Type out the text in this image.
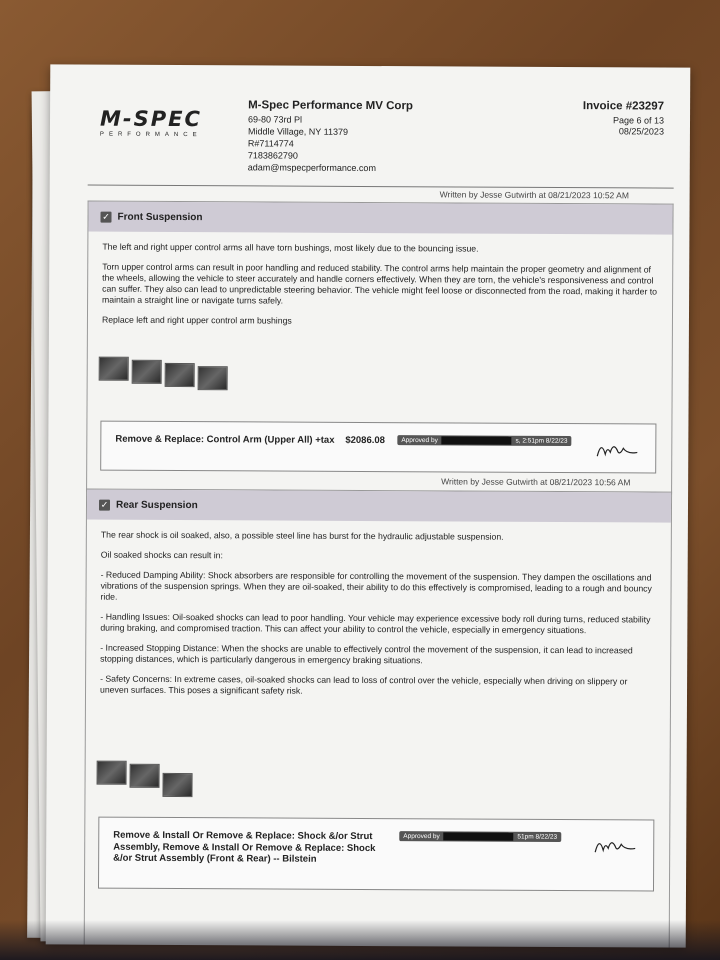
M-SPEC
PERFORMANCE
M-Spec Performance MV Corp
69-80 73rd Pl
Middle Village, NY 11379
R#7114774
7183862790
adam@mspecperformance.com
Invoice #23297
Page 6 of 13
08/25/2023
Written by Jesse Gutwirth at 08/21/2023 10:52 AM
✓ Front Suspension

The left and right upper control arms all have torn bushings, most likely due to the bouncing issue.

Torn upper control arms can result in poor handling and reduced stability. The control arms help maintain the proper geometry and alignment of the wheels, allowing the vehicle to steer accurately and handle corners effectively. When they are torn, the vehicle's responsiveness and control can suffer. They also can lead to unpredictable steering behavior. The vehicle might feel loose or disconnected from the road, making it harder to maintain a straight line or navigate turns safely.

Replace left and right upper control arm bushings

Remove & Replace: Control Arm (Upper All) +tax $2086.08	Approved by	s, 2:51pm 8/22/23
Written by Jesse Gutwirth at 08/21/2023 10:56 AM
✓ Rear Suspension

The rear shock is oil soaked, also, a possible steel line has burst for the hydraulic adjustable suspension.

Oil soaked shocks can result in:

- Reduced Damping Ability: Shock absorbers are responsible for controlling the movement of the suspension. They dampen the oscillations and vibrations of the suspension springs. When they are oil-soaked, their ability to do this effectively is compromised, leading to a rough and bouncy ride.

- Handling Issues: Oil-soaked shocks can lead to poor handling. Your vehicle may experience excessive body roll during turns, reduced stability during braking, and compromised traction. This can affect your ability to control the vehicle, especially in emergency situations.

- Increased Stopping Distance: When the shocks are unable to effectively control the movement of the suspension, it can lead to increased stopping distances, which is particularly dangerous in emergency braking situations.

- Safety Concerns: In extreme cases, oil-soaked shocks can lead to loss of control over the vehicle, especially when driving on slippery or uneven surfaces. This poses a significant safety risk.

Remove & Install Or Remove & Replace: Shock &/or Strut Assembly, Remove & Install Or Remove & Replace: Shock &/or Strut Assembly (Front & Rear) -- Bilstein
Approved by	51pm 8/22/23
